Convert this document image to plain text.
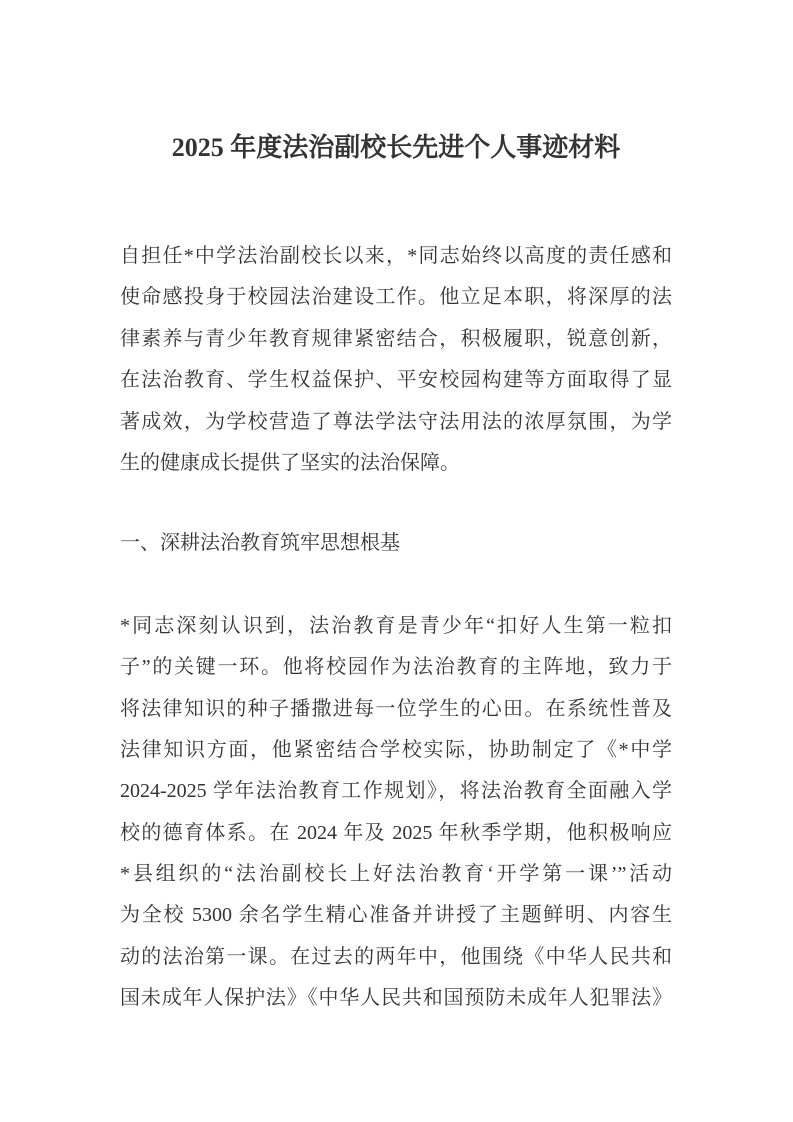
2025 年度法治副校长先进个人事迹材料
自担任*中学法治副校长以来，*同志始终以高度的责任感和
使命感投身于校园法治建设工作。他立足本职，将深厚的法
律素养与青少年教育规律紧密结合，积极履职，锐意创新，
在法治教育、学生权益保护、平安校园构建等方面取得了显
著成效，为学校营造了尊法学法守法用法的浓厚氛围，为学
生的健康成长提供了坚实的法治保障。
一、深耕法治教育筑牢思想根基
*同志深刻认识到，法治教育是青少年“扣好人生第一粒扣
子”的关键一环。他将校园作为法治教育的主阵地，致力于
将法律知识的种子播撒进每一位学生的心田。在系统性普及
法律知识方面，他紧密结合学校实际，协助制定了《*中学
2024-2025 学年法治教育工作规划》，将法治教育全面融入学
校的德育体系。在 2024 年及 2025 年秋季学期，他积极响应
*县组织的“法治副校长上好法治教育‘开学第一课’”活动
为全校 5300 余名学生精心准备并讲授了主题鲜明、内容生
动的法治第一课。在过去的两年中，他围绕《中华人民共和
国未成年人保护法》《中华人民共和国预防未成年人犯罪法》
